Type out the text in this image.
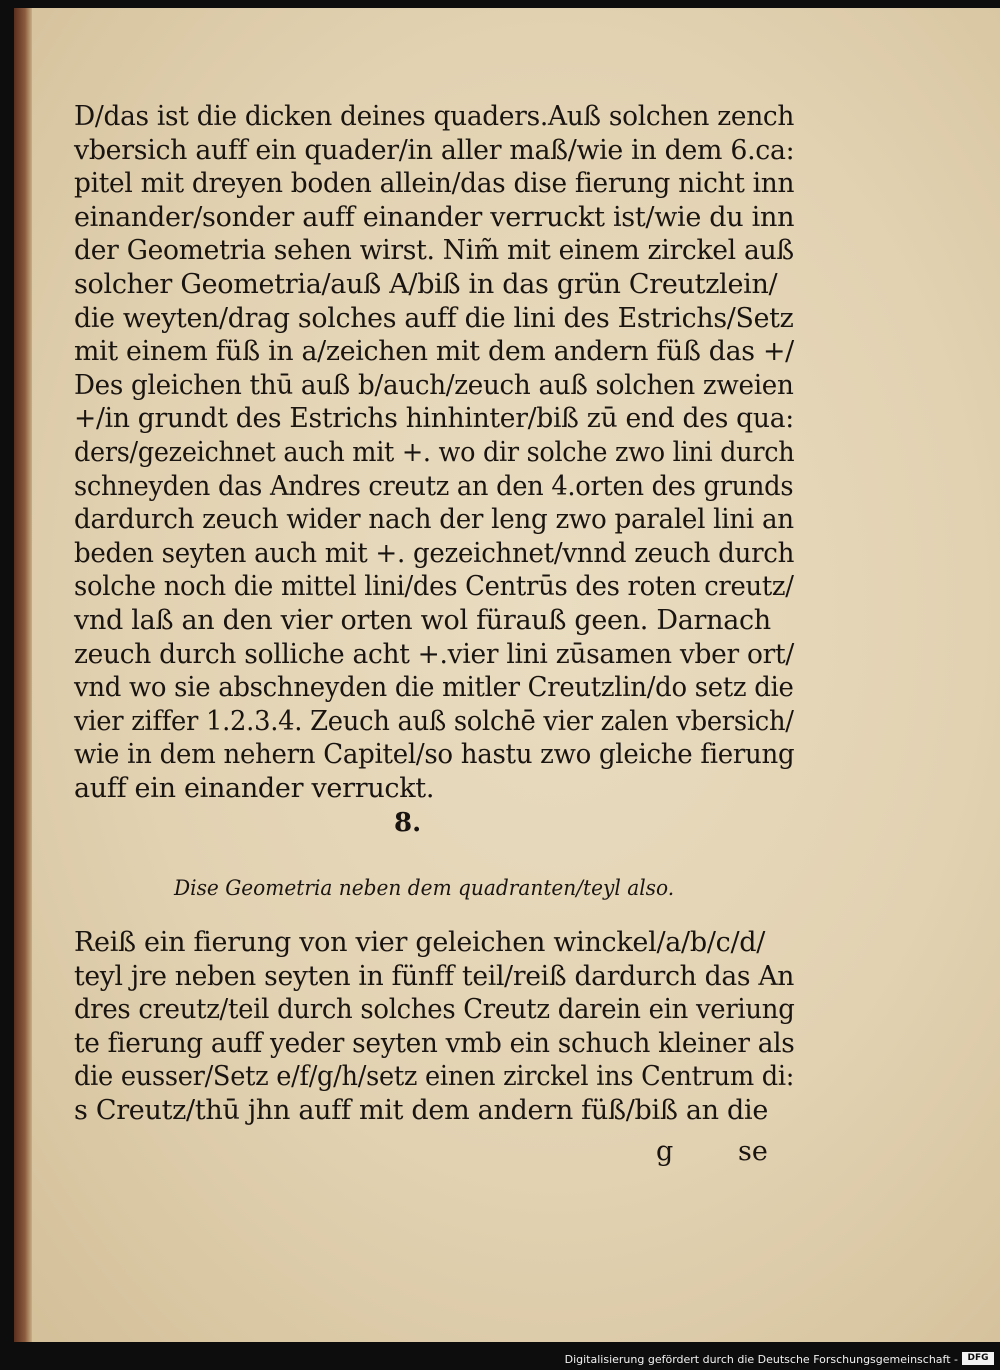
D/das ist die dicken deines quaders.Auß solchen zench
vbersich auff ein quader/in aller maß/wie in dem 6.ca:
pitel mit dreyen boden allein/das dise fierung nicht inn
einander/sonder auff einander verruckt ist/wie du inn
der Geometria sehen wirst. Nim̃ mit einem zirckel auß
solcher Geometria/auß A/biß in das grün Creutzlein/
die weyten/drag solches auff die lini des Estrichs/Setz
mit einem füß in a/zeichen mit dem andern füß das +/
Des gleichen thū auß b/auch/zeuch auß solchen zweien
+/in grundt des Estrichs hinhinter/biß zū end des qua:
ders/gezeichnet auch mit +. wo dir solche zwo lini durch
schneyden das Andres creutz an den 4.orten des grunds
dardurch zeuch wider nach der leng zwo paralel lini an
beden seyten auch mit +. gezeichnet/vnnd zeuch durch
solche noch die mittel lini/des Centrūs des roten creutz/
vnd laß an den vier orten wol fürauß geen. Darnach
zeuch durch solliche acht +.vier lini zūsamen vber ort/
vnd wo sie abschneyden die mitler Creutzlin/do setz die
vier ziffer 1.2.3.4. Zeuch auß solchē vier zalen vbersich/
wie in dem nehern Capitel/so hastu zwo gleiche fierung
auff ein einander verruckt.
8.
Dise Geometria neben dem quadranten/teyl also.
Reiß ein fierung von vier geleichen winckel/a/b/c/d/
teyl jre neben seyten in fünff teil/reiß dardurch das An
dres creutz/teil durch solches Creutz darein ein veriung
te fierung auff yeder seyten vmb ein schuch kleiner als
die eusser/Setz e/f/g/h/setz einen zirckel ins Centrum di:
s Creutz/thū jhn auff mit dem andern füß/biß an die
g se
Digitalisierung gefördert durch die Deutsche Forschungsgemeinschaft -	DFG
